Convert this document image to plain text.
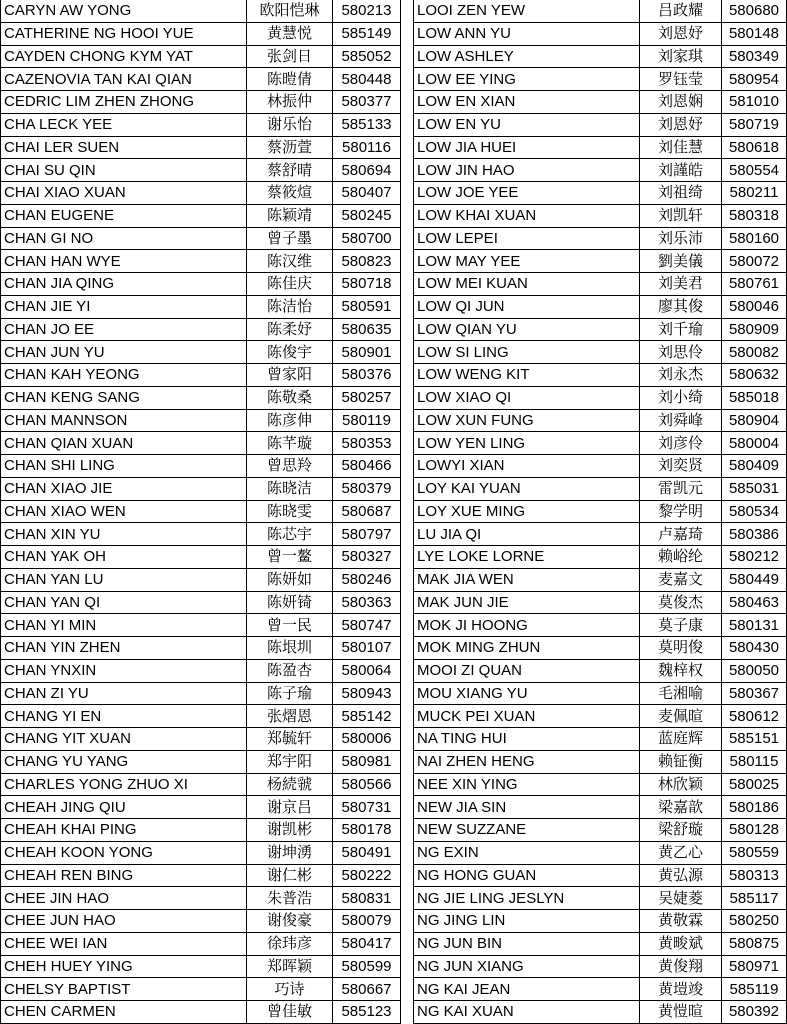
CARYN AW YONG	欧阳恺琳	580213
CATHERINE NG HOOI YUE	黄慧悦	585149
CAYDEN CHONG KYM YAT	张剑日	585052
CAZENOVIA TAN KAI QIAN	陈暟倩	580448
CEDRIC LIM ZHEN ZHONG	林振仲	580377
CHA LECK YEE	谢乐怡	585133
CHAI LER SUEN	蔡沥萱	580116
CHAI SU QIN	蔡舒晴	580694
CHAI XIAO XUAN	蔡筱煊	580407
CHAN EUGENE	陈颖靖	580245
CHAN GI NO	曾子墨	580700
CHAN HAN WYE	陈汉维	580823
CHAN JIA QING	陈佳庆	580718
CHAN JIE YI	陈洁怡	580591
CHAN JO EE	陈柔妤	580635
CHAN JUN YU	陈俊宇	580901
CHAN KAH YEONG	曾家阳	580376
CHAN KENG SANG	陈敬桑	580257
CHAN MANNSON	陈彦伸	580119
CHAN QIAN XUAN	陈芊璇	580353
CHAN SHI LING	曾思羚	580466
CHAN XIAO JIE	陈晓洁	580379
CHAN XIAO WEN	陈晓雯	580687
CHAN XIN YU	陈芯宇	580797
CHAN YAK OH	曾一鳌	580327
CHAN YAN LU	陈妍如	580246
CHAN YAN QI	陈妍锜	580363
CHAN YI MIN	曾一民	580747
CHAN YIN ZHEN	陈垠圳	580107
CHAN YNXIN	陈盈杏	580064
CHAN ZI YU	陈子瑜	580943
CHANG YI EN	张熠恩	585142
CHANG YIT XUAN	郑毓轩	580006
CHANG YU YANG	郑宇阳	580981
CHARLES YONG ZHUO XI	杨続虢	580566
CHEAH JING QIU	谢京吕	580731
CHEAH KHAI PING	谢凯彬	580178
CHEAH KOON YONG	谢坤湧	580491
CHEAH REN BING	谢仁彬	580222
CHEE JIN HAO	朱普浩	580831
CHEE JUN HAO	谢俊豪	580079
CHEE WEI IAN	徐玮彦	580417
CHEH HUEY YING	郑晖颖	580599
CHELSY BAPTIST	巧诗	580667
CHEN CARMEN	曾佳敏	585123
LOOI ZEN YEW	吕政耀	580680
LOW ANN YU	刘恩妤	580148
LOW ASHLEY	刘家琪	580349
LOW EE YING	罗钰莹	580954
LOW EN XIAN	刘恩娴	581010
LOW EN YU	刘恩妤	580719
LOW JIA HUEI	刘佳慧	580618
LOW JIN HAO	刘謹皓	580554
LOW JOE YEE	刘祖绮	580211
LOW KHAI XUAN	刘凯轩	580318
LOW LEPEI	刘乐沛	580160
LOW MAY YEE	劉美儀	580072
LOW MEI KUAN	刘美君	580761
LOW QI JUN	廖其俊	580046
LOW QIAN YU	刘千瑜	580909
LOW SI LING	刘思伶	580082
LOW WENG KIT	刘永杰	580632
LOW XIAO QI	刘小绮	585018
LOW XUN FUNG	刘舜峰	580904
LOW YEN LING	刘彦伶	580004
LOWYI XIAN	刘奕贤	580409
LOY KAI YUAN	雷凯元	585031
LOY XUE MING	黎学明	580534
LU JIA QI	卢嘉琦	580386
LYE LOKE LORNE	赖峪纶	580212
MAK JIA WEN	麦嘉文	580449
MAK JUN JIE	莫俊杰	580463
MOK JI HOONG	莫子康	580131
MOK MING ZHUN	莫明俊	580430
MOOI ZI QUAN	魏梓权	580050
MOU XIANG YU	毛湘喻	580367
MUCK PEI XUAN	麦佩暄	580612
NA TING HUI	蓝庭辉	585151
NAI ZHEN HENG	赖钲衡	580115
NEE XIN YING	林欣颖	580025
NEW JIA SIN	梁嘉歆	580186
NEW SUZZANE	梁舒璇	580128
NG EXIN	黄乙心	580559
NG HONG GUAN	黄弘源	580313
NG JIE LING JESLYN	吴婕菱	585117
NG JING LIN	黄敬霖	580250
NG JUN BIN	黄畯斌	580875
NG JUN XIANG	黄俊翔	580971
NG KAI JEAN	黄塏竣	585119
NG KAI XUAN	黄愷暄	580392
